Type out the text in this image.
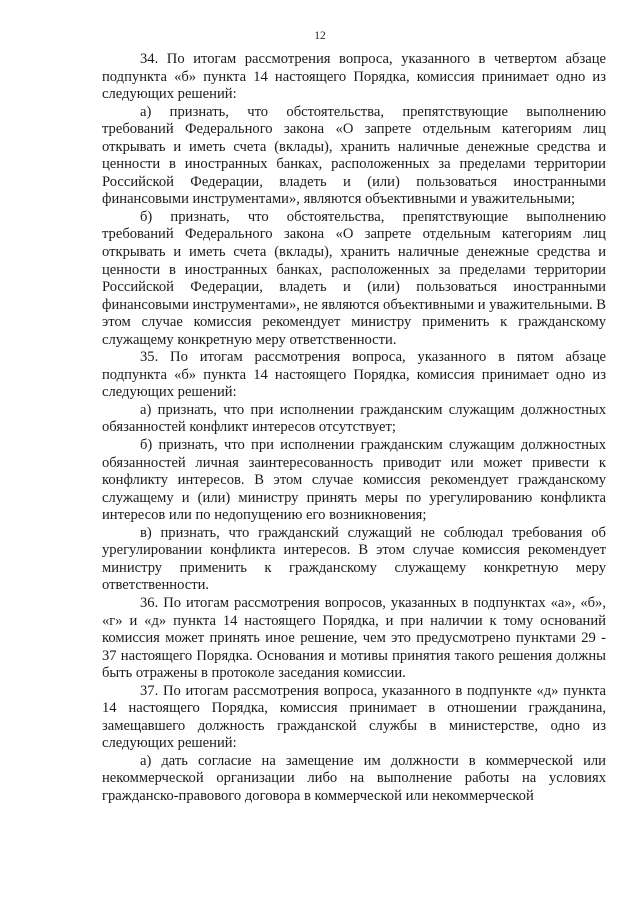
12

34. По итогам рассмотрения вопроса, указанного в четвертом абзаце подпункта «б» пункта 14 настоящего Порядка, комиссия принимает одно из следующих решений:

а) признать, что обстоятельства, препятствующие выполнению требований Федерального закона «О запрете отдельным категориям лиц открывать и иметь счета (вклады), хранить наличные денежные средства и ценности в иностранных банках, расположенных за пределами территории Российской Федерации, владеть и (или) пользоваться иностранными финансовыми инструментами», являются объективными и уважительными;

б) признать, что обстоятельства, препятствующие выполнению требований Федерального закона «О запрете отдельным категориям лиц открывать и иметь счета (вклады), хранить наличные денежные средства и ценности в иностранных банках, расположенных за пределами территории Российской Федерации, владеть и (или) пользоваться иностранными финансовыми инструментами», не являются объективными и уважительными. В этом случае комиссия рекомендует министру применить к гражданскому служащему конкретную меру ответственности.

35. По итогам рассмотрения вопроса, указанного в пятом абзаце подпункта «б» пункта 14 настоящего Порядка, комиссия принимает одно из следующих решений:

а) признать, что при исполнении гражданским служащим должностных обязанностей конфликт интересов отсутствует;

б) признать, что при исполнении гражданским служащим должностных обязанностей личная заинтересованность приводит или может привести к конфликту интересов. В этом случае комиссия рекомендует гражданскому служащему и (или) министру принять меры по урегулированию конфликта интересов или по недопущению его возникновения;

в) признать, что гражданский служащий не соблюдал требования об урегулировании конфликта интересов. В этом случае комиссия рекомендует министру применить к гражданскому служащему конкретную меру ответственности.

36. По итогам рассмотрения вопросов, указанных в подпунктах «а», «б», «г» и «д» пункта 14 настоящего Порядка, и при наличии к тому оснований комиссия может принять иное решение, чем это предусмотрено пунктами 29 - 37 настоящего Порядка. Основания и мотивы принятия такого решения должны быть отражены в протоколе заседания комиссии.

37. По итогам рассмотрения вопроса, указанного в подпункте «д» пункта 14 настоящего Порядка, комиссия принимает в отношении гражданина, замещавшего должность гражданской службы в министерстве, одно из следующих решений:

а) дать согласие на замещение им должности в коммерческой или некоммерческой организации либо на выполнение работы на условиях гражданско-правового договора в коммерческой или некоммерческой
